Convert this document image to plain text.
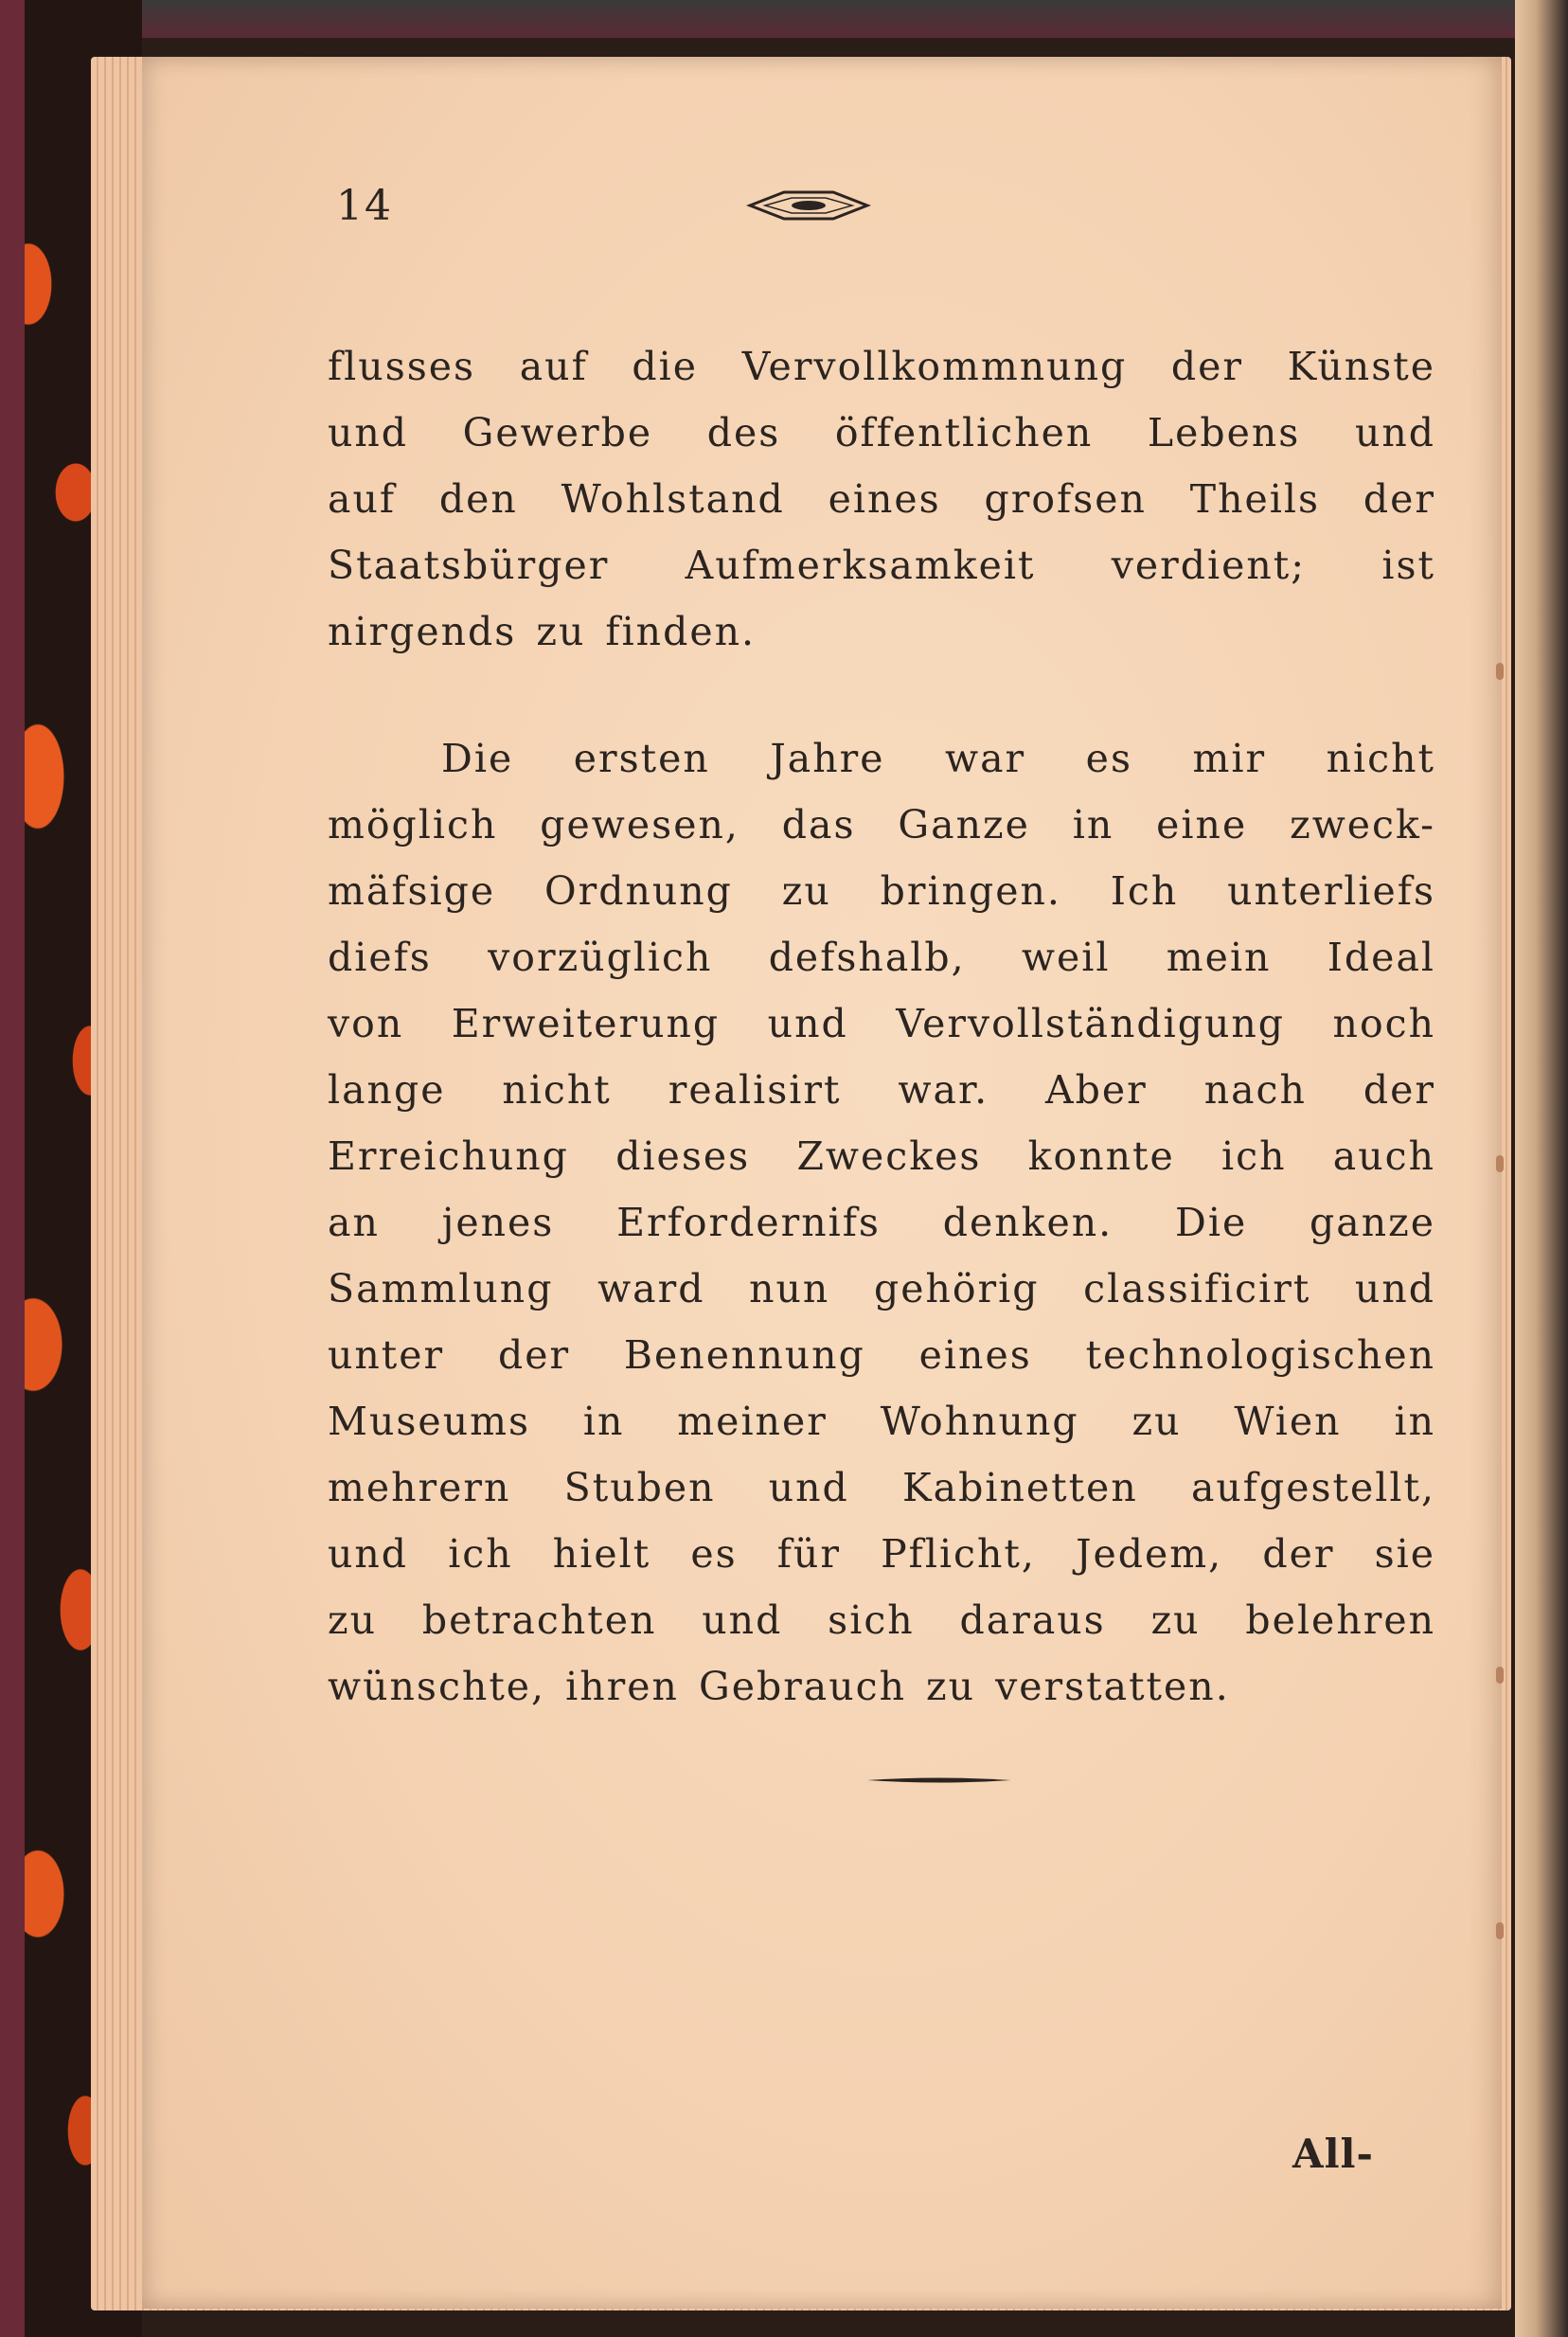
14
flusses auf die Vervollkommnung der Künste
und Gewerbe des öffentlichen Lebens und
auf den Wohlstand eines grofsen Theils der
Staatsbürger Aufmerksamkeit verdient; ist
nirgends zu finden.
Die ersten Jahre war es mir nicht
möglich gewesen, das Ganze in eine zweck-
mäfsige Ordnung zu bringen. Ich unterliefs
diefs vorzüglich defshalb, weil mein Ideal
von Erweiterung und Vervollständigung noch
lange nicht realisirt war. Aber nach der
Erreichung dieses Zweckes konnte ich auch
an jenes Erfordernifs denken. Die ganze
Sammlung ward nun gehörig classificirt und
unter der Benennung eines technologischen
Museums in meiner Wohnung zu Wien in
mehrern Stuben und Kabinetten aufgestellt,
und ich hielt es für Pflicht, Jedem, der sie
zu betrachten und sich daraus zu belehren
wünschte, ihren Gebrauch zu verstatten.
All-
